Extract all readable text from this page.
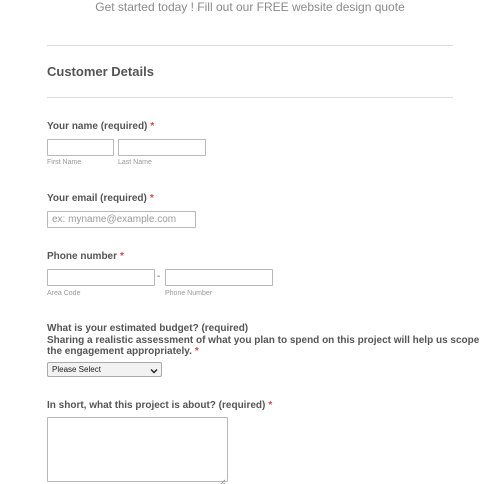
Get started today ! Fill out our FREE website design quote
Customer Details
Your name (required) *
First Name	Last Name
Your email (required) *
ex: myname@example.com
Phone number *
-
Area Code	Phone Number
What is your estimated budget? (required)
Sharing a realistic assessment of what you plan to spend on this project will help us scope
the engagement appropriately. *
Please Select
In short, what this project is about? (required) *
